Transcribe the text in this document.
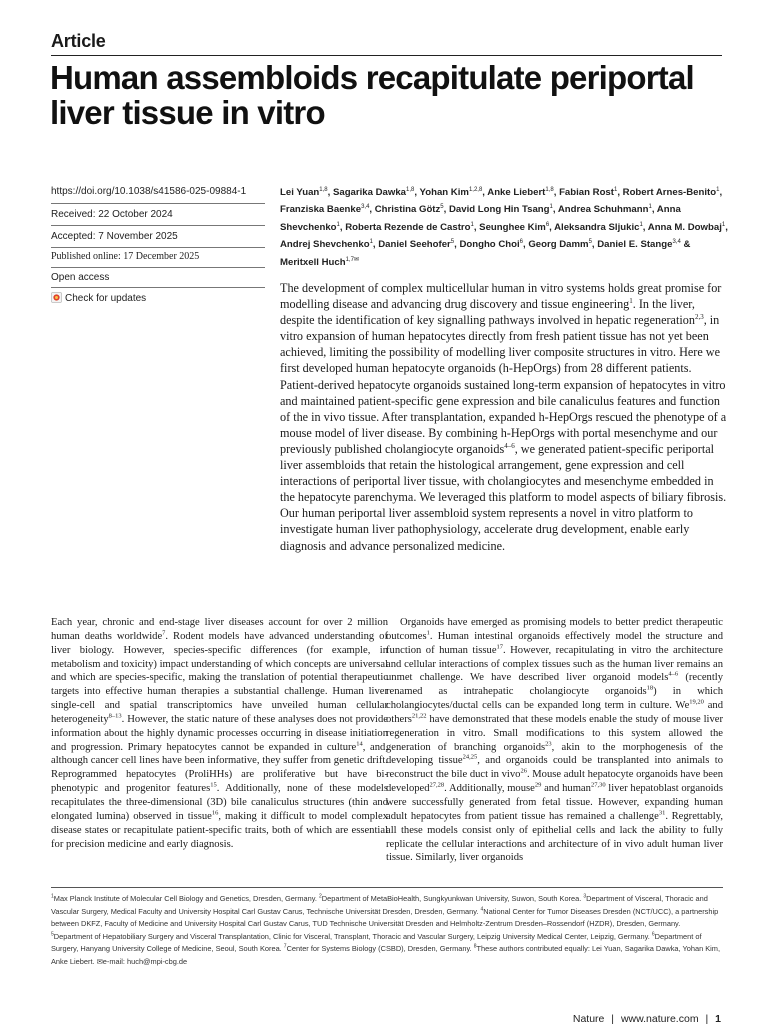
Article
Human assembloids recapitulate periportal liver tissue in vitro
https://doi.org/10.1038/s41586-025-09884-1
Received: 22 October 2024
Accepted: 7 November 2025
Published online: 17 December 2025
Open access
Check for updates
Lei Yuan$^{1,8}$, Sagarika Dawka$^{1,8}$, Yohan Kim$^{1,2,8}$, Anke Liebert$^{1,8}$, Fabian Rost$^1$, Robert Arnes-Benito$^1$, Franziska Baenke$^{3,4}$, Christina Götz$^5$, David Long Hin Tsang$^1$, Andrea Schuhmann$^1$, Anna Shevchenko$^1$, Roberta Rezende de Castro$^1$, Seunghee Kim$^6$, Aleksandra Sljukic$^1$, Anna M. Dowbaj$^1$, Andrej Shevchenko$^1$, Daniel Seehofer$^5$, Dongho Choi$^6$, Georg Damm$^5$, Daniel E. Stange$^{3,4}$ & Meritxell Huch$^{1,7✉}$
The development of complex multicellular human in vitro systems holds great promise for modelling disease and advancing drug discovery and tissue engineering$^1$. In the liver, despite the identification of key signalling pathways involved in hepatic regeneration$^{2,3}$, in vitro expansion of human hepatocytes directly from fresh patient tissue has not yet been achieved, limiting the possibility of modelling liver composite structures in vitro. Here we first developed human hepatocyte organoids (h-HepOrgs) from 28 different patients. Patient-derived hepatocyte organoids sustained long-term expansion of hepatocytes in vitro and maintained patient-specific gene expression and bile canaliculus features and function of the in vivo tissue. After transplantation, expanded h-HepOrgs rescued the phenotype of a mouse model of liver disease. By combining h-HepOrgs with portal mesenchyme and our previously published cholangiocyte organoids$^{4-6}$, we generated patient-specific periportal liver assembloids that retain the histological arrangement, gene expression and cell interactions of periportal liver tissue, with cholangiocytes and mesenchyme embedded in the hepatocyte parenchyma. We leveraged this platform to model aspects of biliary fibrosis. Our human periportal liver assembloid system represents a novel in vitro platform to investigate human liver pathophysiology, accelerate drug development, enable early diagnosis and advance personalized medicine.

Each year, chronic and end-stage liver diseases account for over 2 million human deaths worldwide$^7$. Rodent models have advanced understanding of liver biology. However, species-specific differences (for example, in metabolism and toxicity) impact understanding of which concepts are universal and which are species-specific, making the translation of potential therapeutic targets into effective human therapies a substantial challenge. Human liver single-cell and spatial transcriptomics have unveiled human cellular heterogeneity$^{8-13}$. However, the static nature of these analyses does not provide information about the highly dynamic processes occurring in disease initiation and progression. Primary hepatocytes cannot be expanded in culture$^{14}$, and, although cancer cell lines have been informative, they suffer from genetic drift. Reprogrammed hepatocytes (ProliHHs) are proliferative but have bi-phenotypic and progenitor features$^{15}$. Additionally, none of these models recapitulates the three-dimensional (3D) bile canaliculus structures (thin and elongated lumina) observed in tissue$^{16}$, making it difficult to model complex disease states or recapitulate patient-specific traits, both of which are essential for precision medicine and early diagnosis.

Organoids have emerged as promising models to better predict therapeutic outcomes$^1$. Human intestinal organoids effectively model the structure and function of human tissue$^{17}$. However, recapitulating in vitro the architecture and cellular interactions of complex tissues such as the human liver remains an unmet challenge. We have described liver organoid models$^{4-6}$ (recently renamed as intrahepatic cholangiocyte organoids$^{18}$) in which cholangiocytes/ductal cells can be expanded long term in culture. We$^{19,20}$ and others$^{21,22}$ have demonstrated that these models enable the study of mouse liver regeneration in vitro. Small modifications to this system allowed the generation of branching organoids$^{23}$, akin to the morphogenesis of the developing tissue$^{24,25}$, and organoids could be transplanted into animals to reconstruct the bile duct in vivo$^{26}$. Mouse adult hepatocyte organoids have been developed$^{27,28}$. Additionally, mouse$^{29}$ and human$^{27,30}$ liver hepatoblast organoids were successfully generated from fetal tissue. However, expanding human adult hepatocytes from patient tissue has remained a challenge$^{31}$. Regrettably, all these models consist only of epithelial cells and lack the ability to fully replicate the cellular interactions and architecture of in vivo adult human liver tissue. Similarly, liver organoids

$^1$Max Planck Institute of Molecular Cell Biology and Genetics, Dresden, Germany. $^2$Department of MetaBioHealth, Sungkyunkwan University, Suwon, South Korea. $^3$Department of Visceral, Thoracic and Vascular Surgery, Medical Faculty and University Hospital Carl Gustav Carus, Technische Universität Dresden, Dresden, Germany. $^4$National Center for Tumor Diseases Dresden (NCT/UCC), a partnership between DKFZ, Faculty of Medicine and University Hospital Carl Gustav Carus, TUD Technische Universität Dresden and Helmholtz-Zentrum Dresden–Rossendorf (HZDR), Dresden, Germany. $^5$Department of Hepatobiliary Surgery and Visceral Transplantation, Clinic for Visceral, Transplant, Thoracic and Vascular Surgery, Leipzig University Medical Center, Leipzig, Germany. $^6$Department of Surgery, Hanyang University College of Medicine, Seoul, South Korea. $^7$Center for Systems Biology (CSBD), Dresden, Germany. $^8$These authors contributed equally: Lei Yuan, Sagarika Dawka, Yohan Kim, Anke Liebert. ✉e-mail: huch@mpi-cbg.de
Nature | www.nature.com | 1
